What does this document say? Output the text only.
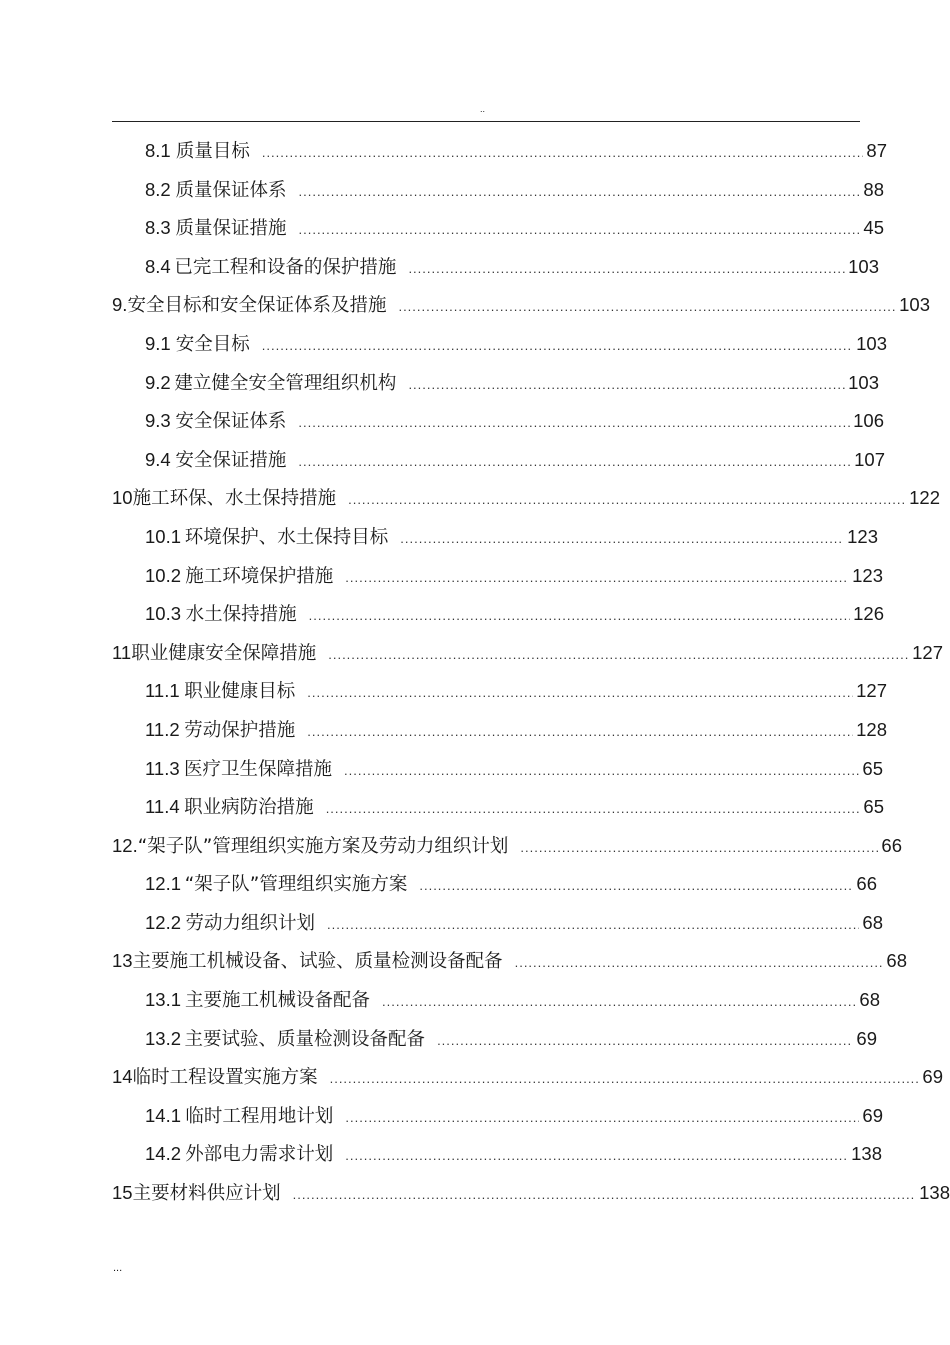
..
8.1 质量目标 .....	87
8.2 质量保证体系 .....	88
8.3 质量保证措施 .....	45
8.4 已完工程和设备的保护措施 .....	103
9. 安全目标和安全保证体系及措施 .....	103
9.1 安全目标 .....	103
9.2 建立健全安全管理组织机构 .....	103
9.3 安全保证体系 .....	106
9.4 安全保证措施 .....	107
10 施工环保、水土保持措施 .....	122
10.1 环境保护、水土保持目标 .....	123
10.2 施工环境保护措施 .....	123
10.3 水土保持措施 .....	126
11 职业健康安全保障措施 .....	127
11.1 职业健康目标 .....	127
11.2 劳动保护措施 .....	128
11.3 医疗卫生保障措施 .....	65
11.4 职业病防治措施 .....	65
12. “架子队”管理组织实施方案及劳动力组织计划 .....	66
12.1 “架子队”管理组织实施方案 .....	66
12.2 劳动力组织计划 .....	68
13 主要施工机械设备、试验、质量检测设备配备 .....	68
13.1 主要施工机械设备配备 .....	68
13.2 主要试验、质量检测设备配备 .....	69
14 临时工程设置实施方案 .....	69
14.1 临时工程用地计划 .....	69
14.2 外部电力需求计划 .....	138
15 主要材料供应计划 .....	138
...
